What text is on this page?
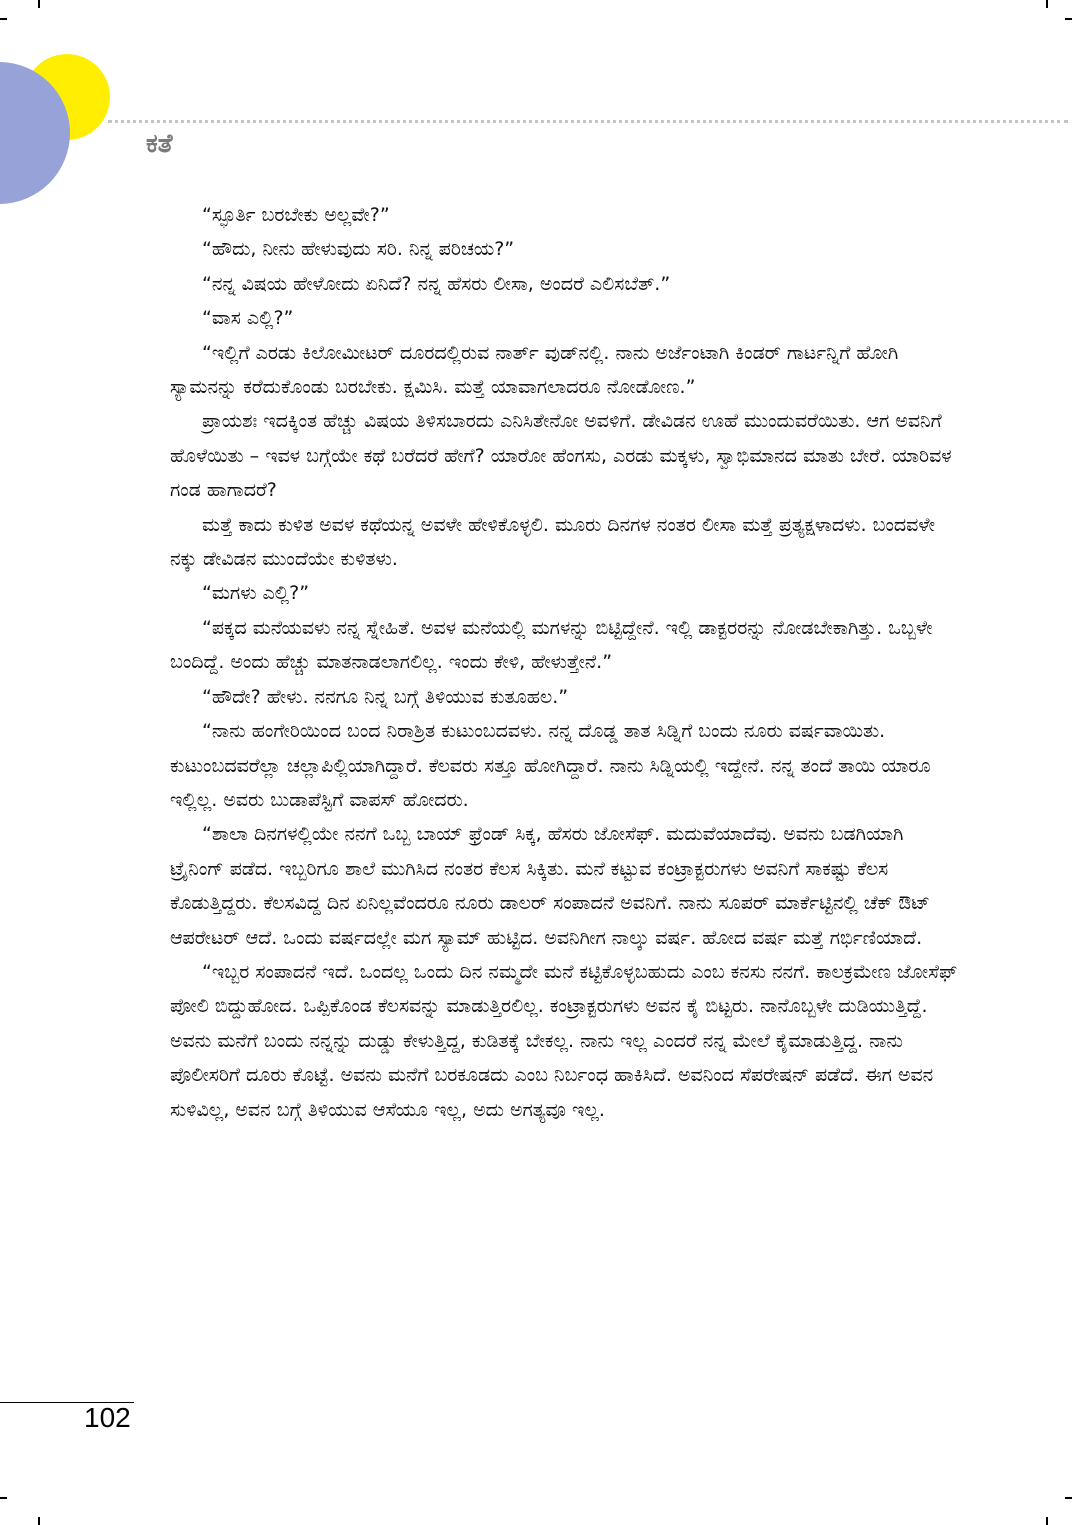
ಕತೆ

“ಸ್ಫೂರ್ತಿ ಬರಬೇಕು ಅಲ್ಲವೇ?”

“ಹೌದು, ನೀನು ಹೇಳುವುದು ಸರಿ. ನಿನ್ನ ಪರಿಚಯ?”

“ನನ್ನ ವಿಷಯ ಹೇಳೋದು ಏನಿದೆ? ನನ್ನ ಹೆಸರು ಲೀಸಾ, ಅಂದರೆ ಎಲಿಸಬೆತ್.”

“ವಾಸ ಎಲ್ಲಿ?”

“ಇಲ್ಲಿಗೆ ಎರಡು ಕಿಲೋಮೀಟರ್ ದೂರದಲ್ಲಿರುವ ನಾರ್ತ್ ವುಡ್‌ನಲ್ಲಿ. ನಾನು ಅರ್ಜೆಂಟಾಗಿ ಕಿಂಡರ್ ಗಾರ್ಟನ್ನಿಗೆ ಹೋಗಿ ಸ್ಯಾಮನನ್ನು ಕರೆದುಕೊಂಡು ಬರಬೇಕು. ಕ್ಷಮಿಸಿ. ಮತ್ತೆ ಯಾವಾಗಲಾದರೂ ನೋಡೋಣ.”

ಪ್ರಾಯಶಃ ಇದಕ್ಕಿಂತ ಹೆಚ್ಚು ವಿಷಯ ತಿಳಿಸಬಾರದು ಎನಿಸಿತೇನೋ ಅವಳಿಗೆ. ಡೇವಿಡನ ಊಹೆ ಮುಂದುವರೆಯಿತು. ಆಗ ಅವನಿಗೆ ಹೊಳೆಯಿತು – ಇವಳ ಬಗ್ಗೆಯೇ ಕಥೆ ಬರೆದರೆ ಹೇಗೆ? ಯಾರೋ ಹೆಂಗಸು, ಎರಡು ಮಕ್ಕಳು, ಸ್ವಾಭಿಮಾನದ ಮಾತು ಬೇರೆ. ಯಾರಿವಳ ಗಂಡ ಹಾಗಾದರೆ?

ಮತ್ತೆ ಕಾದು ಕುಳಿತ ಅವಳ ಕಥೆಯನ್ನ ಅವಳೇ ಹೇಳಿಕೊಳ್ಳಲಿ. ಮೂರು ದಿನಗಳ ನಂತರ ಲೀಸಾ ಮತ್ತೆ ಪ್ರತ್ಯಕ್ಷಳಾದಳು. ಬಂದವಳೇ ನಕ್ಕು ಡೇವಿಡನ ಮುಂದೆಯೇ ಕುಳಿತಳು.

“ಮಗಳು ಎಲ್ಲಿ?”

“ಪಕ್ಕದ ಮನೆಯವಳು ನನ್ನ ಸ್ನೇಹಿತೆ. ಅವಳ ಮನೆಯಲ್ಲಿ ಮಗಳನ್ನು ಬಿಟ್ಟಿದ್ದೇನೆ. ಇಲ್ಲಿ ಡಾಕ್ಟರರನ್ನು ನೋಡಬೇಕಾಗಿತ್ತು. ಒಬ್ಬಳೇ ಬಂದಿದ್ದೆ. ಅಂದು ಹೆಚ್ಚು ಮಾತನಾಡಲಾಗಲಿಲ್ಲ. ಇಂದು ಕೇಳಿ, ಹೇಳುತ್ತೇನೆ.”

“ಹೌದೇ? ಹೇಳು. ನನಗೂ ನಿನ್ನ ಬಗ್ಗೆ ತಿಳಿಯುವ ಕುತೂಹಲ.”

“ನಾನು ಹಂಗೇರಿಯಿಂದ ಬಂದ ನಿರಾಶ್ರಿತ ಕುಟುಂಬದವಳು. ನನ್ನ ದೊಡ್ಡ ತಾತ ಸಿಡ್ನಿಗೆ ಬಂದು ನೂರು ವರ್ಷವಾಯಿತು. ಕುಟುಂಬದವರೆಲ್ಲಾ ಚಲ್ಲಾಪಿಲ್ಲಿಯಾಗಿದ್ದಾರೆ. ಕೆಲವರು ಸತ್ತೂ ಹೋಗಿದ್ದಾರೆ. ನಾನು ಸಿಡ್ನಿಯಲ್ಲಿ ಇದ್ದೇನೆ. ನನ್ನ ತಂದೆ ತಾಯಿ ಯಾರೂ ಇಲ್ಲಿಲ್ಲ. ಅವರು ಬುಡಾಪೆಸ್ಟಿಗೆ ವಾಪಸ್ ಹೋದರು.

“ಶಾಲಾ ದಿನಗಳಲ್ಲಿಯೇ ನನಗೆ ಒಬ್ಬ ಬಾಯ್ ಫ್ರೆಂಡ್ ಸಿಕ್ಕ, ಹೆಸರು ಜೋಸೆಫ್. ಮದುವೆಯಾದೆವು. ಅವನು ಬಡಗಿಯಾಗಿ ಟ್ರೈನಿಂಗ್ ಪಡೆದ. ಇಬ್ಬರಿಗೂ ಶಾಲೆ ಮುಗಿಸಿದ ನಂತರ ಕೆಲಸ ಸಿಕ್ಕಿತು. ಮನೆ ಕಟ್ಟುವ ಕಂಟ್ರಾಕ್ಟರುಗಳು ಅವನಿಗೆ ಸಾಕಷ್ಟು ಕೆಲಸ ಕೊಡುತ್ತಿದ್ದರು. ಕೆಲಸವಿದ್ದ ದಿನ ಏನಿಲ್ಲವೆಂದರೂ ನೂರು ಡಾಲರ್ ಸಂಪಾದನೆ ಅವನಿಗೆ. ನಾನು ಸೂಪರ್ ಮಾರ್ಕೆಟ್ಟಿನಲ್ಲಿ ಚೆಕ್ ಔಟ್ ಆಪರೇಟರ್ ಆದೆ. ಒಂದು ವರ್ಷದಲ್ಲೇ ಮಗ ಸ್ಯಾಮ್ ಹುಟ್ಟಿದ. ಅವನಿಗೀಗ ನಾಲ್ಕು ವರ್ಷ. ಹೋದ ವರ್ಷ ಮತ್ತೆ ಗರ್ಭಿಣಿಯಾದೆ.

“ಇಬ್ಬರ ಸಂಪಾದನೆ ಇದೆ. ಒಂದಲ್ಲ ಒಂದು ದಿನ ನಮ್ಮದೇ ಮನೆ ಕಟ್ಟಿಕೊಳ್ಳಬಹುದು ಎಂಬ ಕನಸು ನನಗೆ. ಕಾಲಕ್ರಮೇಣ ಜೋಸೆಫ್ ಪೋಲಿ ಬಿದ್ದುಹೋದ. ಒಪ್ಪಿಕೊಂಡ ಕೆಲಸವನ್ನು ಮಾಡುತ್ತಿರಲಿಲ್ಲ. ಕಂಟ್ರಾಕ್ಟರುಗಳು ಅವನ ಕೈ ಬಿಟ್ಟರು. ನಾನೊಬ್ಬಳೇ ದುಡಿಯುತ್ತಿದ್ದೆ. ಅವನು ಮನೆಗೆ ಬಂದು ನನ್ನನ್ನು ದುಡ್ಡು ಕೇಳುತ್ತಿದ್ದ, ಕುಡಿತಕ್ಕೆ ಬೇಕಲ್ಲ. ನಾನು ಇಲ್ಲ ಎಂದರೆ ನನ್ನ ಮೇಲೆ ಕೈಮಾಡುತ್ತಿದ್ದ. ನಾನು ಪೊಲೀಸರಿಗೆ ದೂರು ಕೊಟ್ಟೆ. ಅವನು ಮನೆಗೆ ಬರಕೂಡದು ಎಂಬ ನಿರ್ಬಂಧ ಹಾಕಿಸಿದೆ. ಅವನಿಂದ ಸೆಪರೇಷನ್ ಪಡೆದೆ. ಈಗ ಅವನ ಸುಳಿವಿಲ್ಲ, ಅವನ ಬಗ್ಗೆ ತಿಳಿಯುವ ಆಸೆಯೂ ಇಲ್ಲ, ಅದು ಅಗತ್ಯವೂ ಇಲ್ಲ.

102
